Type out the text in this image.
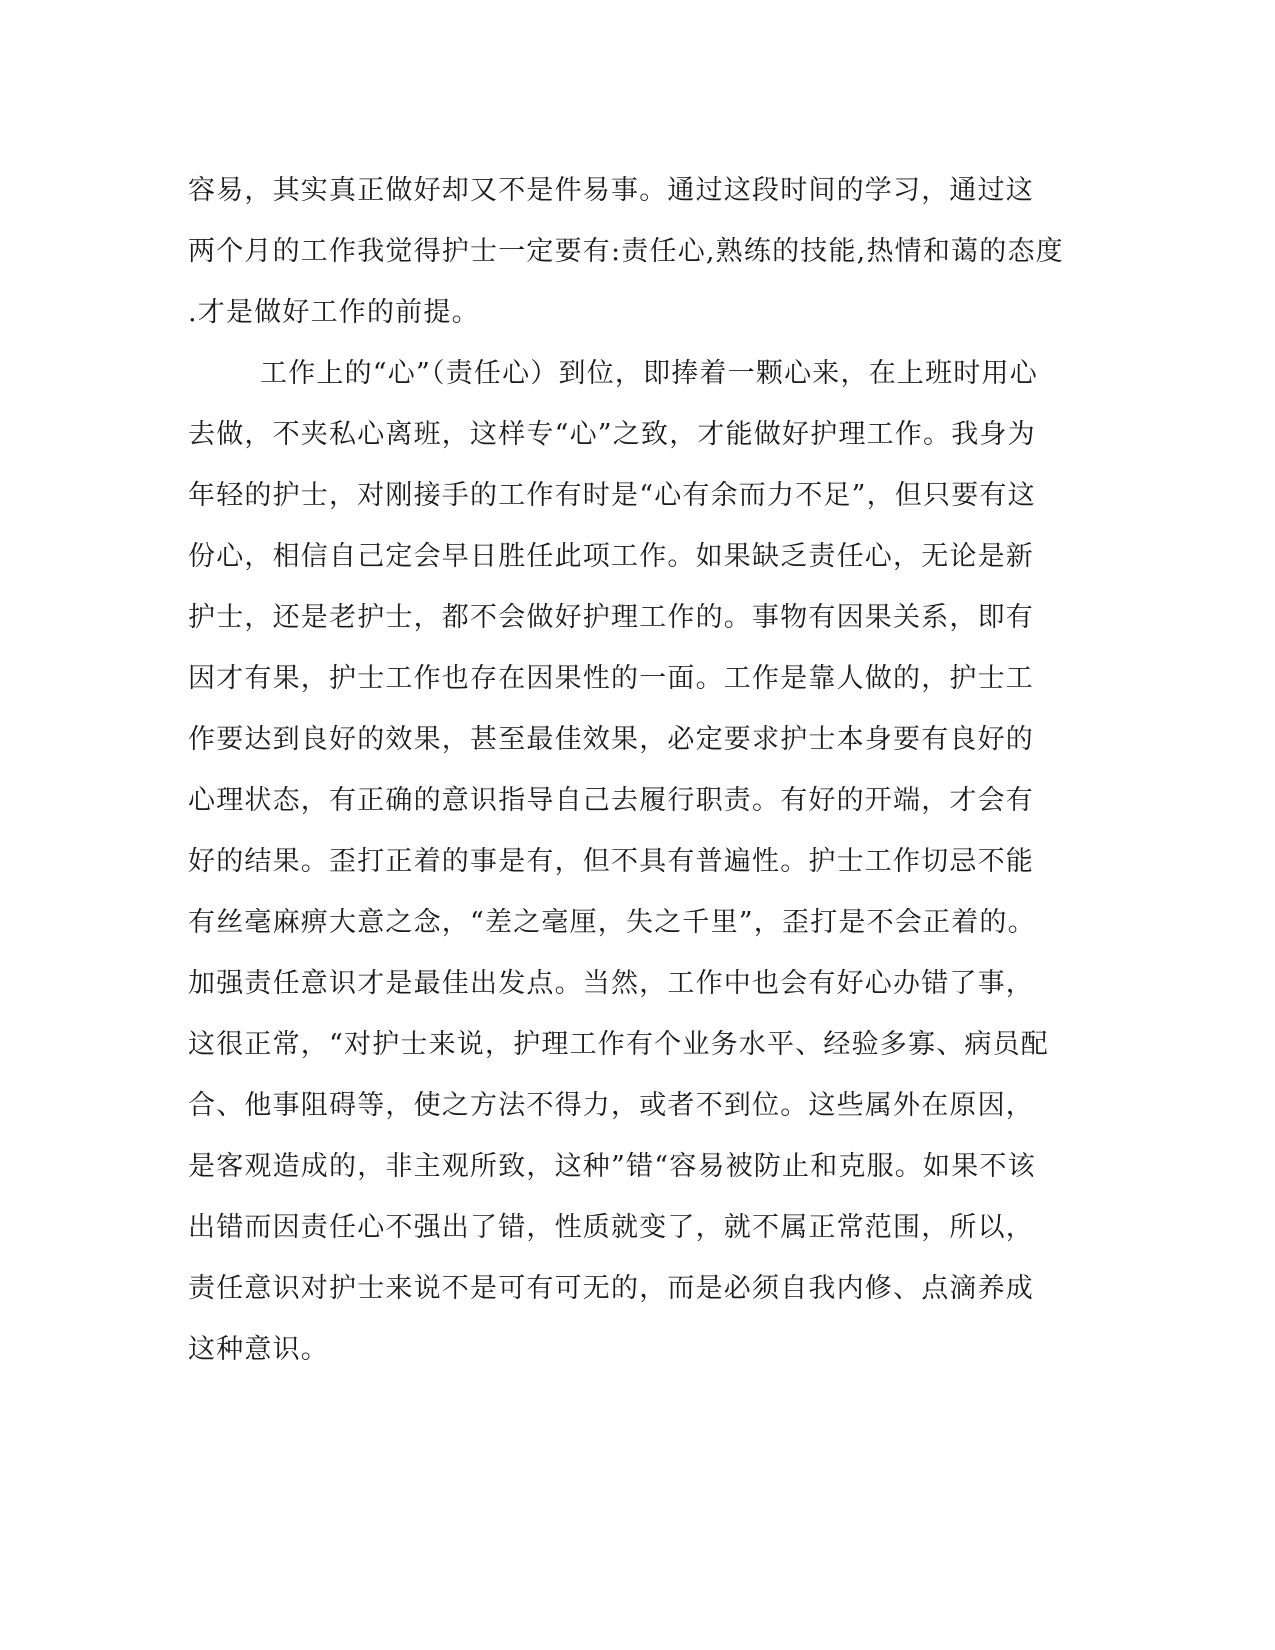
容易，其实真正做好却又不是件易事。通过这段时间的学习，通过这
两个月的工作我觉得护士一定要有:责任心,熟练的技能,热情和蔼的态度
.才是做好工作的前提。
工作上的“心”（责任心）到位，即捧着一颗心来，在上班时用心
去做，不夹私心离班，这样专“心”之致，才能做好护理工作。我身为
年轻的护士，对刚接手的工作有时是“心有余而力不足”，但只要有这
份心，相信自己定会早日胜任此项工作。如果缺乏责任心，无论是新
护士，还是老护士，都不会做好护理工作的。事物有因果关系，即有
因才有果，护士工作也存在因果性的一面。工作是靠人做的，护士工
作要达到良好的效果，甚至最佳效果，必定要求护士本身要有良好的
心理状态，有正确的意识指导自己去履行职责。有好的开端，才会有
好的结果。歪打正着的事是有，但不具有普遍性。护士工作切忌不能
有丝毫麻痹大意之念，“差之毫厘，失之千里”，歪打是不会正着的。
加强责任意识才是最佳出发点。当然，工作中也会有好心办错了事，
这很正常，“对护士来说，护理工作有个业务水平、经验多寡、病员配
合、他事阻碍等，使之方法不得力，或者不到位。这些属外在原因，
是客观造成的，非主观所致，这种”错“容易被防止和克服。如果不该
出错而因责任心不强出了错，性质就变了，就不属正常范围，所以，
责任意识对护士来说不是可有可无的，而是必须自我内修、点滴养成
这种意识。
